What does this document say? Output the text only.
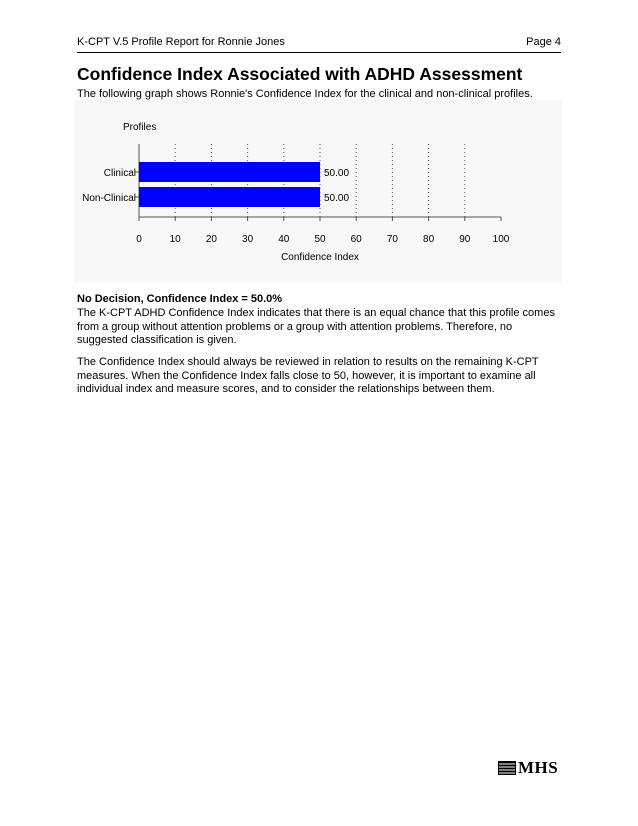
K-CPT V.5 Profile Report for Ronnie Jones	Page 4
Confidence Index Associated with ADHD Assessment
The following graph shows Ronnie's Confidence Index for the clinical and non-clinical profiles.
Profiles
0	10	20	30	40	50	60	70	80	90 100
Confidence Index
Clinical	50.00
Non-Clinical	50.00
No Decision, Confidence Index = 50.0%

The K-CPT ADHD Confidence Index indicates that there is an equal chance that this profile comes from a group without attention problems or a group with attention problems. Therefore, no suggested classification is given.

The Confidence Index should always be reviewed in relation to results on the remaining K-CPT measures. When the Confidence Index falls close to 50, however, it is important to examine all individual index and measure scores, and to consider the relationships between them.

MHS
